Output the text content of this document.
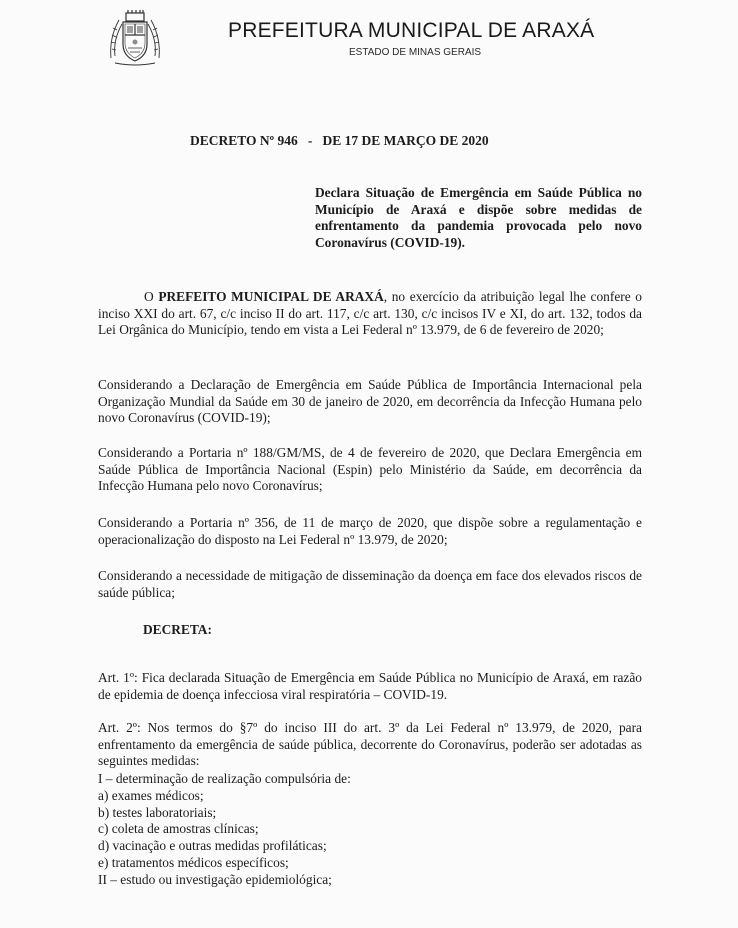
PREFEITURA MUNICIPAL DE ARAXÁ
ESTADO DE MINAS GERAIS
DECRETO Nº 946   -   DE 17 DE MARÇO DE 2020
Declara Situação de Emergência em Saúde Pública no Município de Araxá e dispõe sobre medidas de enfrentamento da pandemia provocada pelo novo Coronavírus (COVID-19).
O PREFEITO MUNICIPAL DE ARAXÁ, no exercício da atribuição legal lhe confere o inciso XXI do art. 67, c/c inciso II do art. 117, c/c art. 130, c/c incisos IV e XI, do art. 132, todos da Lei Orgânica do Município, tendo em vista a Lei Federal nº 13.979, de 6 de fevereiro de 2020;
Considerando a Declaração de Emergência em Saúde Pública de Importância Internacional pela Organização Mundial da Saúde em 30 de janeiro de 2020, em decorrência da Infecção Humana pelo novo Coronavírus (COVID-19);
Considerando a Portaria nº 188/GM/MS, de 4 de fevereiro de 2020, que Declara Emergência em Saúde Pública de Importância Nacional (Espin) pelo Ministério da Saúde, em decorrência da Infecção Humana pelo novo Coronavírus;
Considerando a Portaria nº 356, de 11 de março de 2020, que dispõe sobre a regulamentação e operacionalização do disposto na Lei Federal nº 13.979, de 2020;
Considerando a necessidade de mitigação de disseminação da doença em face dos elevados riscos de saúde pública;
DECRETA:
Art. 1º: Fica declarada Situação de Emergência em Saúde Pública no Município de Araxá, em razão de epidemia de doença infecciosa viral respiratória – COVID-19.
Art. 2º: Nos termos do §7º do inciso III do art. 3º da Lei Federal nº 13.979, de 2020, para enfrentamento da emergência de saúde pública, decorrente do Coronavírus, poderão ser adotadas as seguintes medidas:
I – determinação de realização compulsória de:
a) exames médicos;
b) testes laboratoriais;
c) coleta de amostras clínicas;
d) vacinação e outras medidas profiláticas;
e) tratamentos médicos específicos;
II – estudo ou investigação epidemiológica;
